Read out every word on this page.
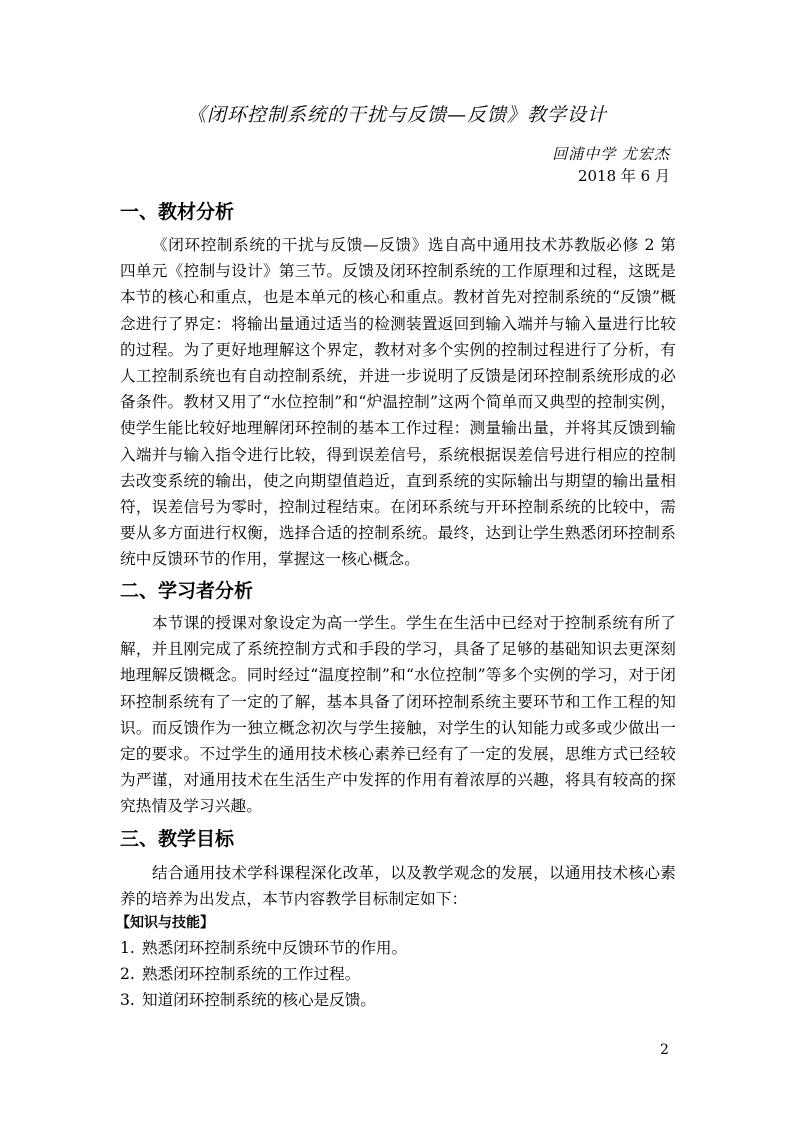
《闭环控制系统的干扰与反馈—反馈》教学设计
回浦中学 尤宏杰
2018 年 6 月
一、教材分析

《闭环控制系统的干扰与反馈—反馈》选自高中通用技术苏教版必修 2 第四单元《控制与设计》第三节。反馈及闭环控制系统的工作原理和过程，这既是本节的核心和重点，也是本单元的核心和重点。教材首先对控制系统的“反馈”概念进行了界定：将输出量通过适当的检测装置返回到输入端并与输入量进行比较的过程。为了更好地理解这个界定，教材对多个实例的控制过程进行了分析，有人工控制系统也有自动控制系统，并进一步说明了反馈是闭环控制系统形成的必备条件。教材又用了“水位控制”和“炉温控制”这两个简单而又典型的控制实例，使学生能比较好地理解闭环控制的基本工作过程：测量输出量，并将其反馈到输入端并与输入指令进行比较，得到误差信号，系统根据误差信号进行相应的控制去改变系统的输出，使之向期望值趋近，直到系统的实际输出与期望的输出量相符，误差信号为零时，控制过程结束。在闭环系统与开环控制系统的比较中，需要从多方面进行权衡，选择合适的控制系统。最终，达到让学生熟悉闭环控制系统中反馈环节的作用，掌握这一核心概念。

二、学习者分析

本节课的授课对象设定为高一学生。学生在生活中已经对于控制系统有所了解，并且刚完成了系统控制方式和手段的学习，具备了足够的基础知识去更深刻地理解反馈概念。同时经过“温度控制”和“水位控制”等多个实例的学习，对于闭环控制系统有了一定的了解，基本具备了闭环控制系统主要环节和工作工程的知识。而反馈作为一独立概念初次与学生接触，对学生的认知能力或多或少做出一定的要求。不过学生的通用技术核心素养已经有了一定的发展，思维方式已经较为严谨，对通用技术在生活生产中发挥的作用有着浓厚的兴趣，将具有较高的探究热情及学习兴趣。

三、教学目标

结合通用技术学科课程深化改革，以及教学观念的发展，以通用技术核心素养的培养为出发点，本节内容教学目标制定如下：

【知识与技能】
1. 熟悉闭环控制系统中反馈环节的作用。
2. 熟悉闭环控制系统的工作过程。
3. 知道闭环控制系统的核心是反馈。
2
